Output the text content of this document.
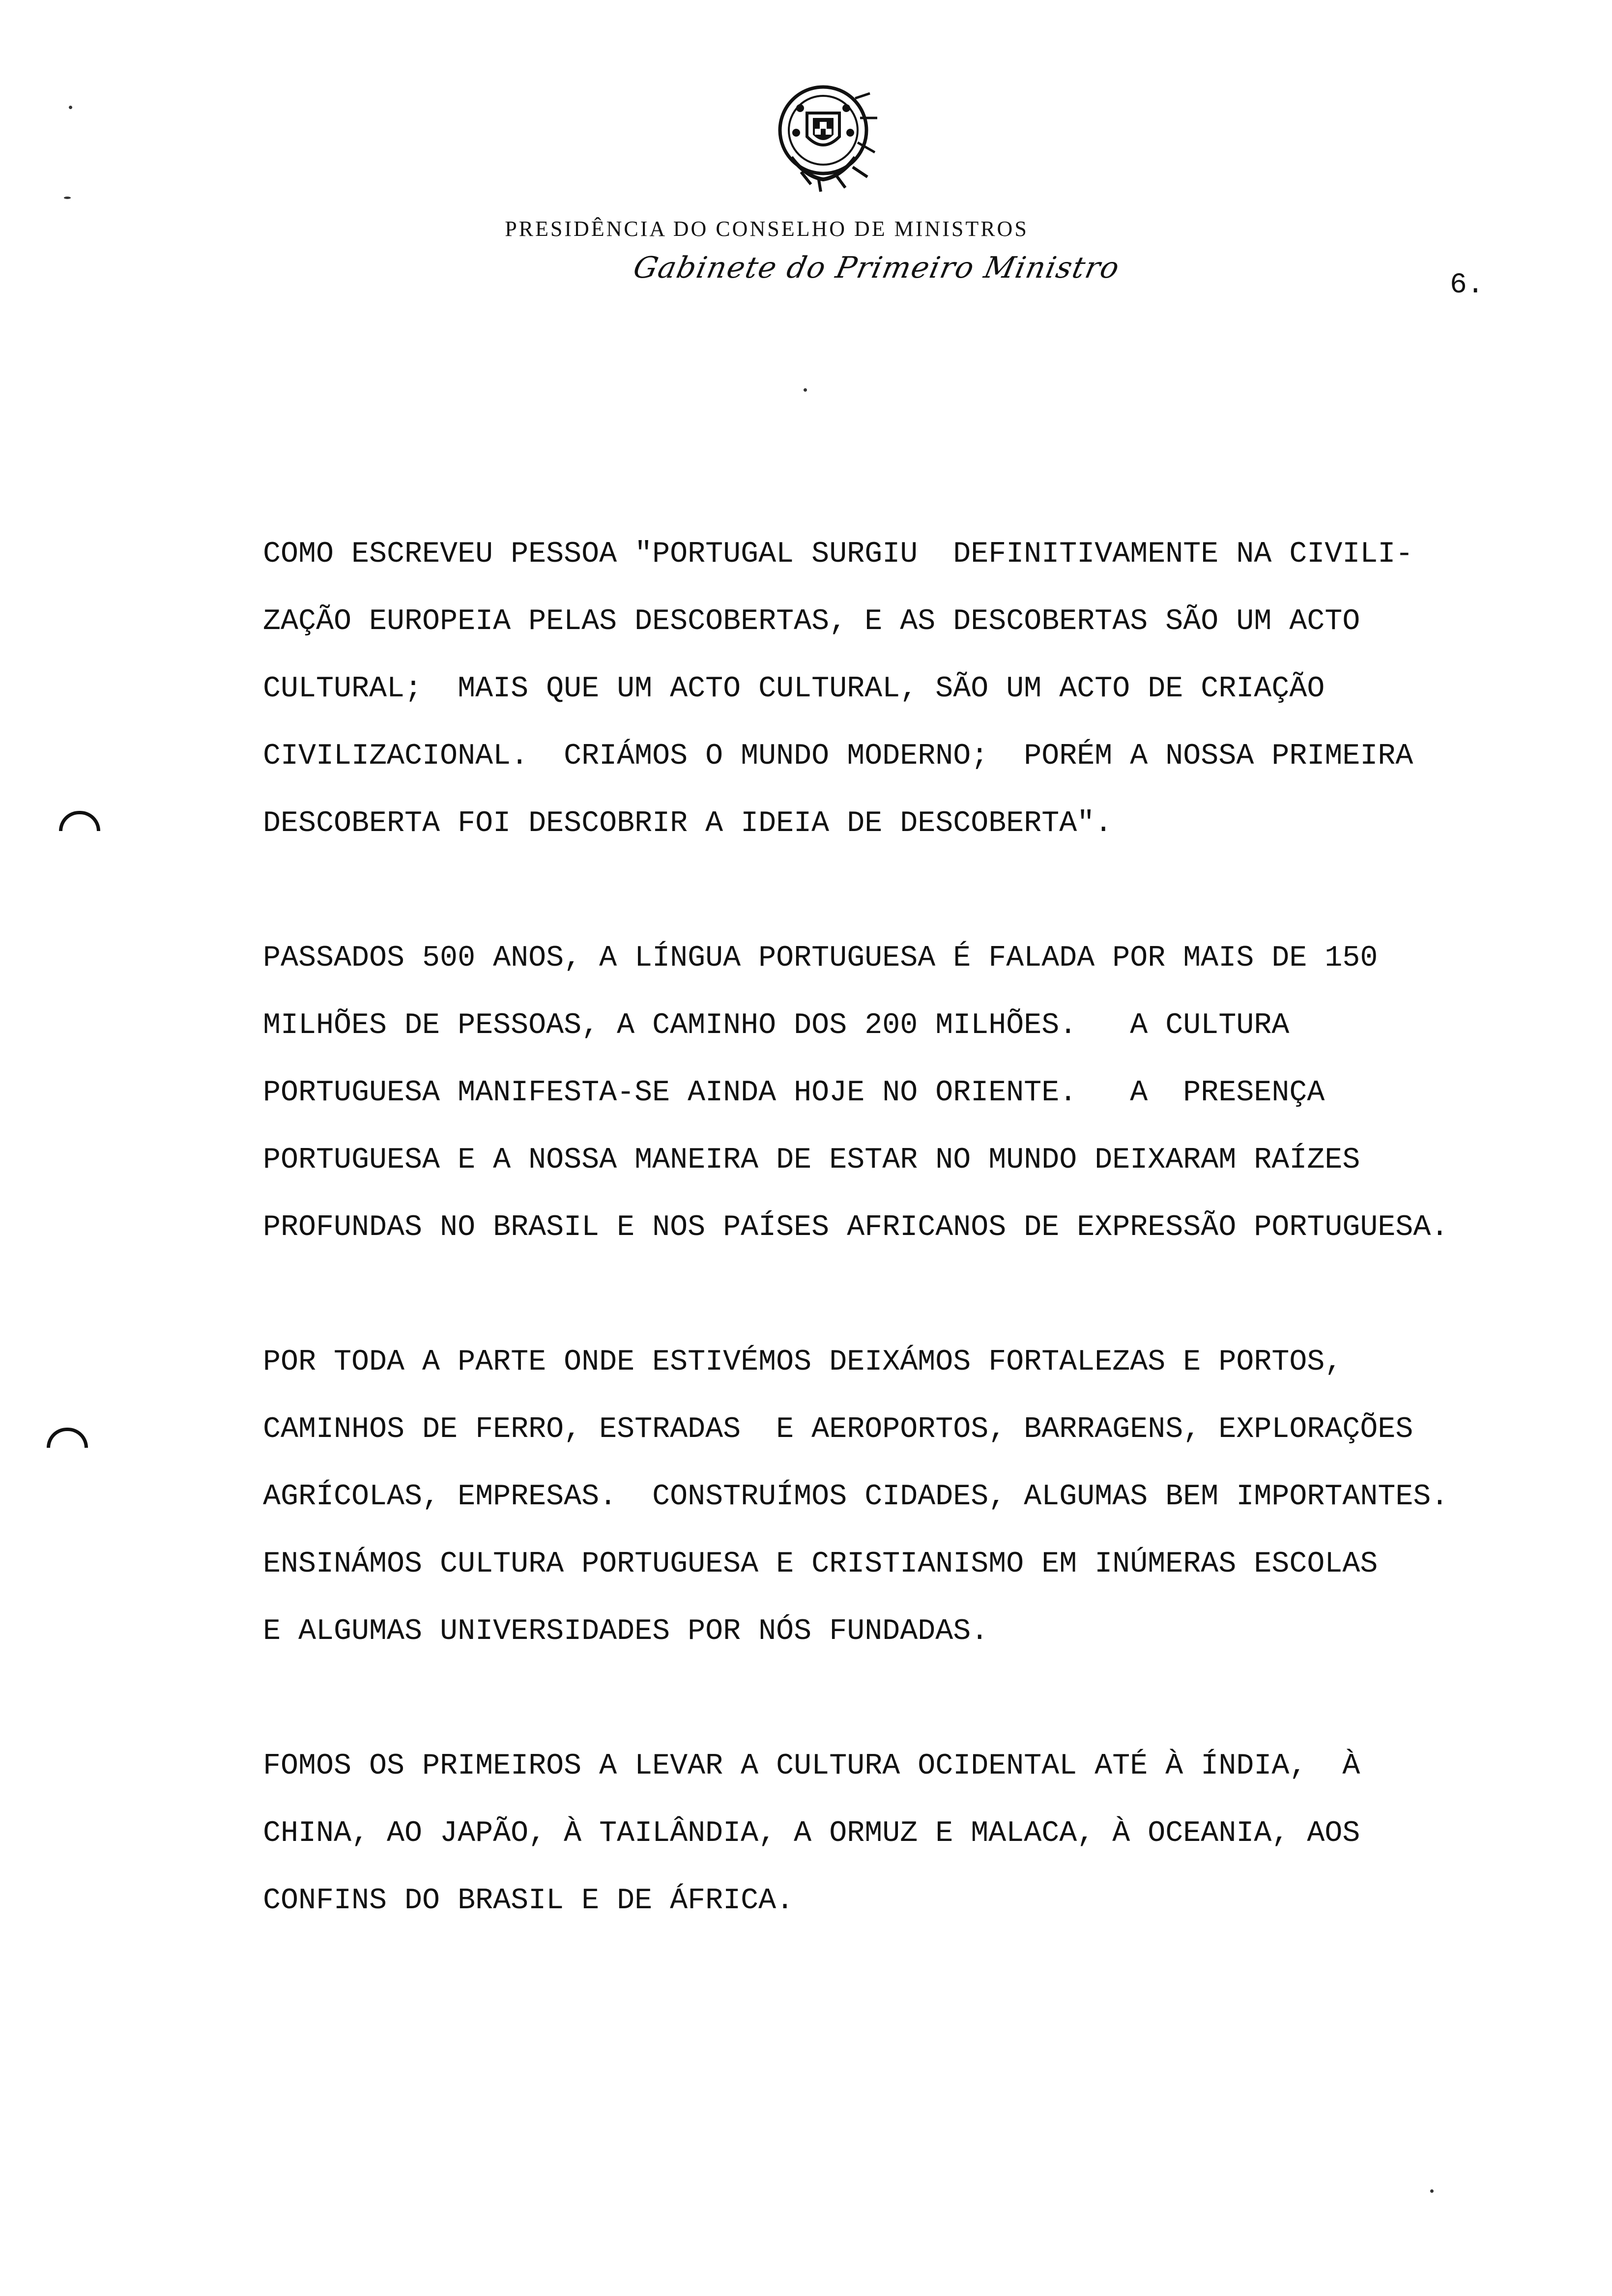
PRESIDÊNCIA DO CONSELHO DE MINISTROS
Gabinete do Primeiro Ministro
6.

COMO ESCREVEU PESSOA "PORTUGAL SURGIU  DEFINITIVAMENTE NA CIVILI-
ZAÇÃO EUROPEIA PELAS DESCOBERTAS, E AS DESCOBERTAS SÃO UM ACTO
CULTURAL;  MAIS QUE UM ACTO CULTURAL, SÃO UM ACTO DE CRIAÇÃO
CIVILIZACIONAL.  CRIÁMOS O MUNDO MODERNO;  PORÉM A NOSSA PRIMEIRA
DESCOBERTA FOI DESCOBRIR A IDEIA DE DESCOBERTA".

PASSADOS 500 ANOS, A LÍNGUA PORTUGUESA É FALADA POR MAIS DE 150
MILHÕES DE PESSOAS, A CAMINHO DOS 200 MILHÕES.   A CULTURA
PORTUGUESA MANIFESTA-SE AINDA HOJE NO ORIENTE.   A  PRESENÇA
PORTUGUESA E A NOSSA MANEIRA DE ESTAR NO MUNDO DEIXARAM RAÍZES
PROFUNDAS NO BRASIL E NOS PAÍSES AFRICANOS DE EXPRESSÃO PORTUGUESA.

POR TODA A PARTE ONDE ESTIVÉMOS DEIXÁMOS FORTALEZAS E PORTOS,
CAMINHOS DE FERRO, ESTRADAS  E AEROPORTOS, BARRAGENS, EXPLORAÇÕES
AGRÍCOLAS, EMPRESAS.  CONSTRUÍMOS CIDADES, ALGUMAS BEM IMPORTANTES.
ENSINÁMOS CULTURA PORTUGUESA E CRISTIANISMO EM INÚMERAS ESCOLAS
E ALGUMAS UNIVERSIDADES POR NÓS FUNDADAS.

FOMOS OS PRIMEIROS A LEVAR A CULTURA OCIDENTAL ATÉ À ÍNDIA,  À
CHINA, AO JAPÃO, À TAILÂNDIA, A ORMUZ E MALACA, À OCEANIA, AOS
CONFINS DO BRASIL E DE ÁFRICA.
